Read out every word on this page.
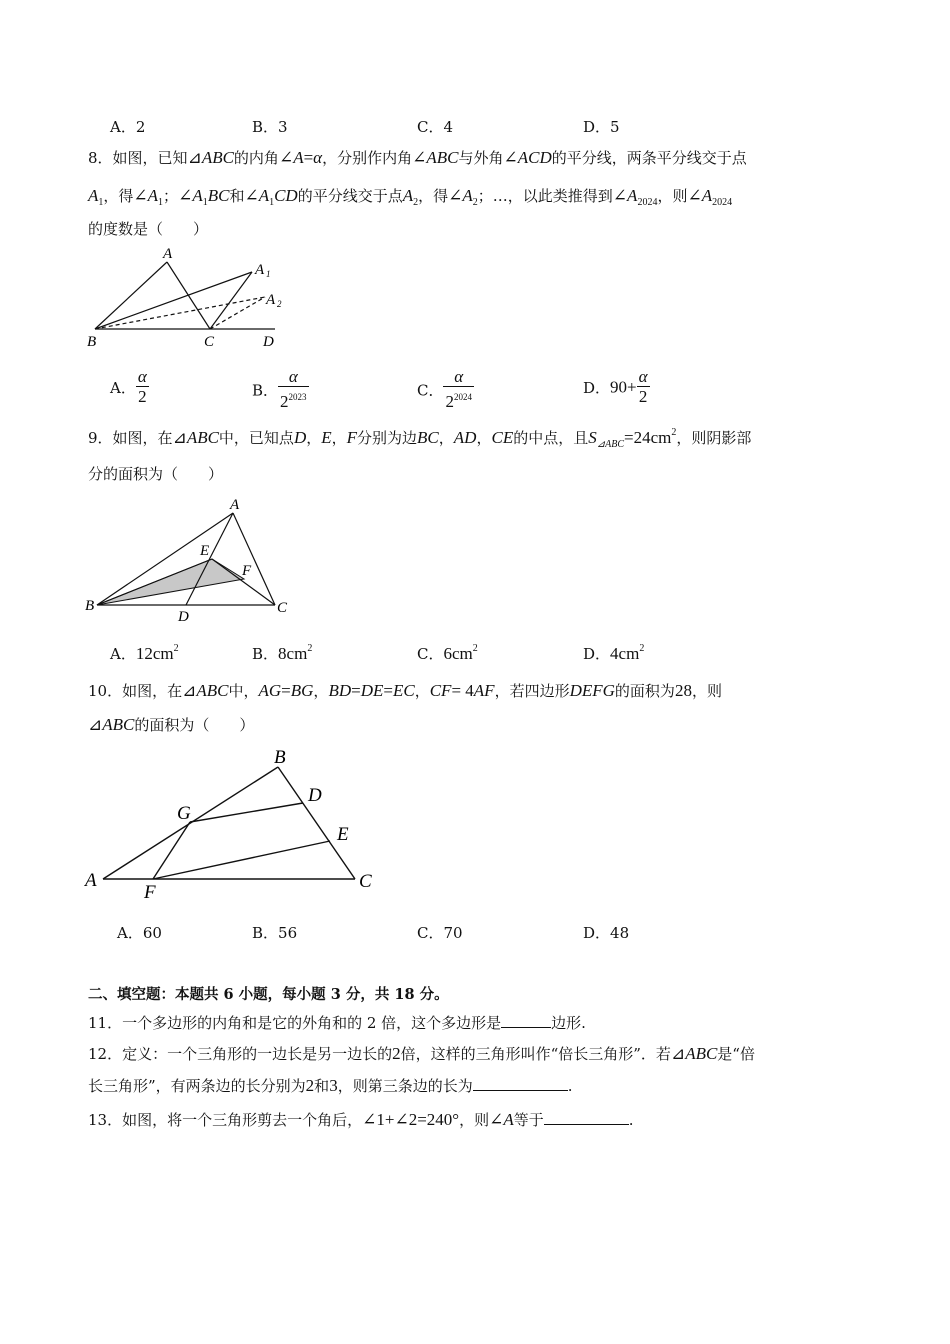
A．2	B．3	C．4	D．5
8．如图，已知⊿ABC的内角∠A=α，分别作内角∠ABC与外角∠ACD的平分线，两条平分线交于点
$A_1$，得$\angle A_1$；$\angle A_1BC$和$\angle A_1CD$的平分线交于点$A_2$，得$\angle A_2$；…，以此类推得到$\angle A_{2024}$，则$\angle A_{2024}$
的度数是（　　）
A
A 1
A 2
B	C	D
A． $\frac{\alpha}{2}$	B． $\frac{\alpha}{2^{2023}}$	C． $\frac{\alpha}{2^{2024}}$	D．$90+ \frac{\alpha}{2}$
9．如图，在⊿ABC中，已知点D，E，F分别为边BC，AD，CE的中点，且$S_{⊿ABC}=24cm^2$，则阴影部
分的面积为（　　）
A
B	C
D
E
F
A．$12cm^2$	B．$8cm^2$	C．$6cm^2$	D．$4cm^2$
10．如图，在⊿ABC中，AG=BG，BD=DE=EC，CF= 4AF，若四边形DEFG的面积为28，则
⊿ABC的面积为（　　）
A
B
C
D
E
F
G
A．60	B．56	C．70	D．48
二、填空题：本题共 6 小题，每小题 3 分，共 18 分。
11．一个多边形的内角和是它的外角和的 2 倍，这个多边形是	边形.
12．定义：一个三角形的一边长是另一边长的2倍，这样的三角形叫作“倍长三角形”．若⊿ABC是“倍
长三角形”，有两条边的长分别为2和3，则第三条边的长为	.
13．如图，将一个三角形剪去一个角后，∠1+∠2=240°，则∠A等于	.
